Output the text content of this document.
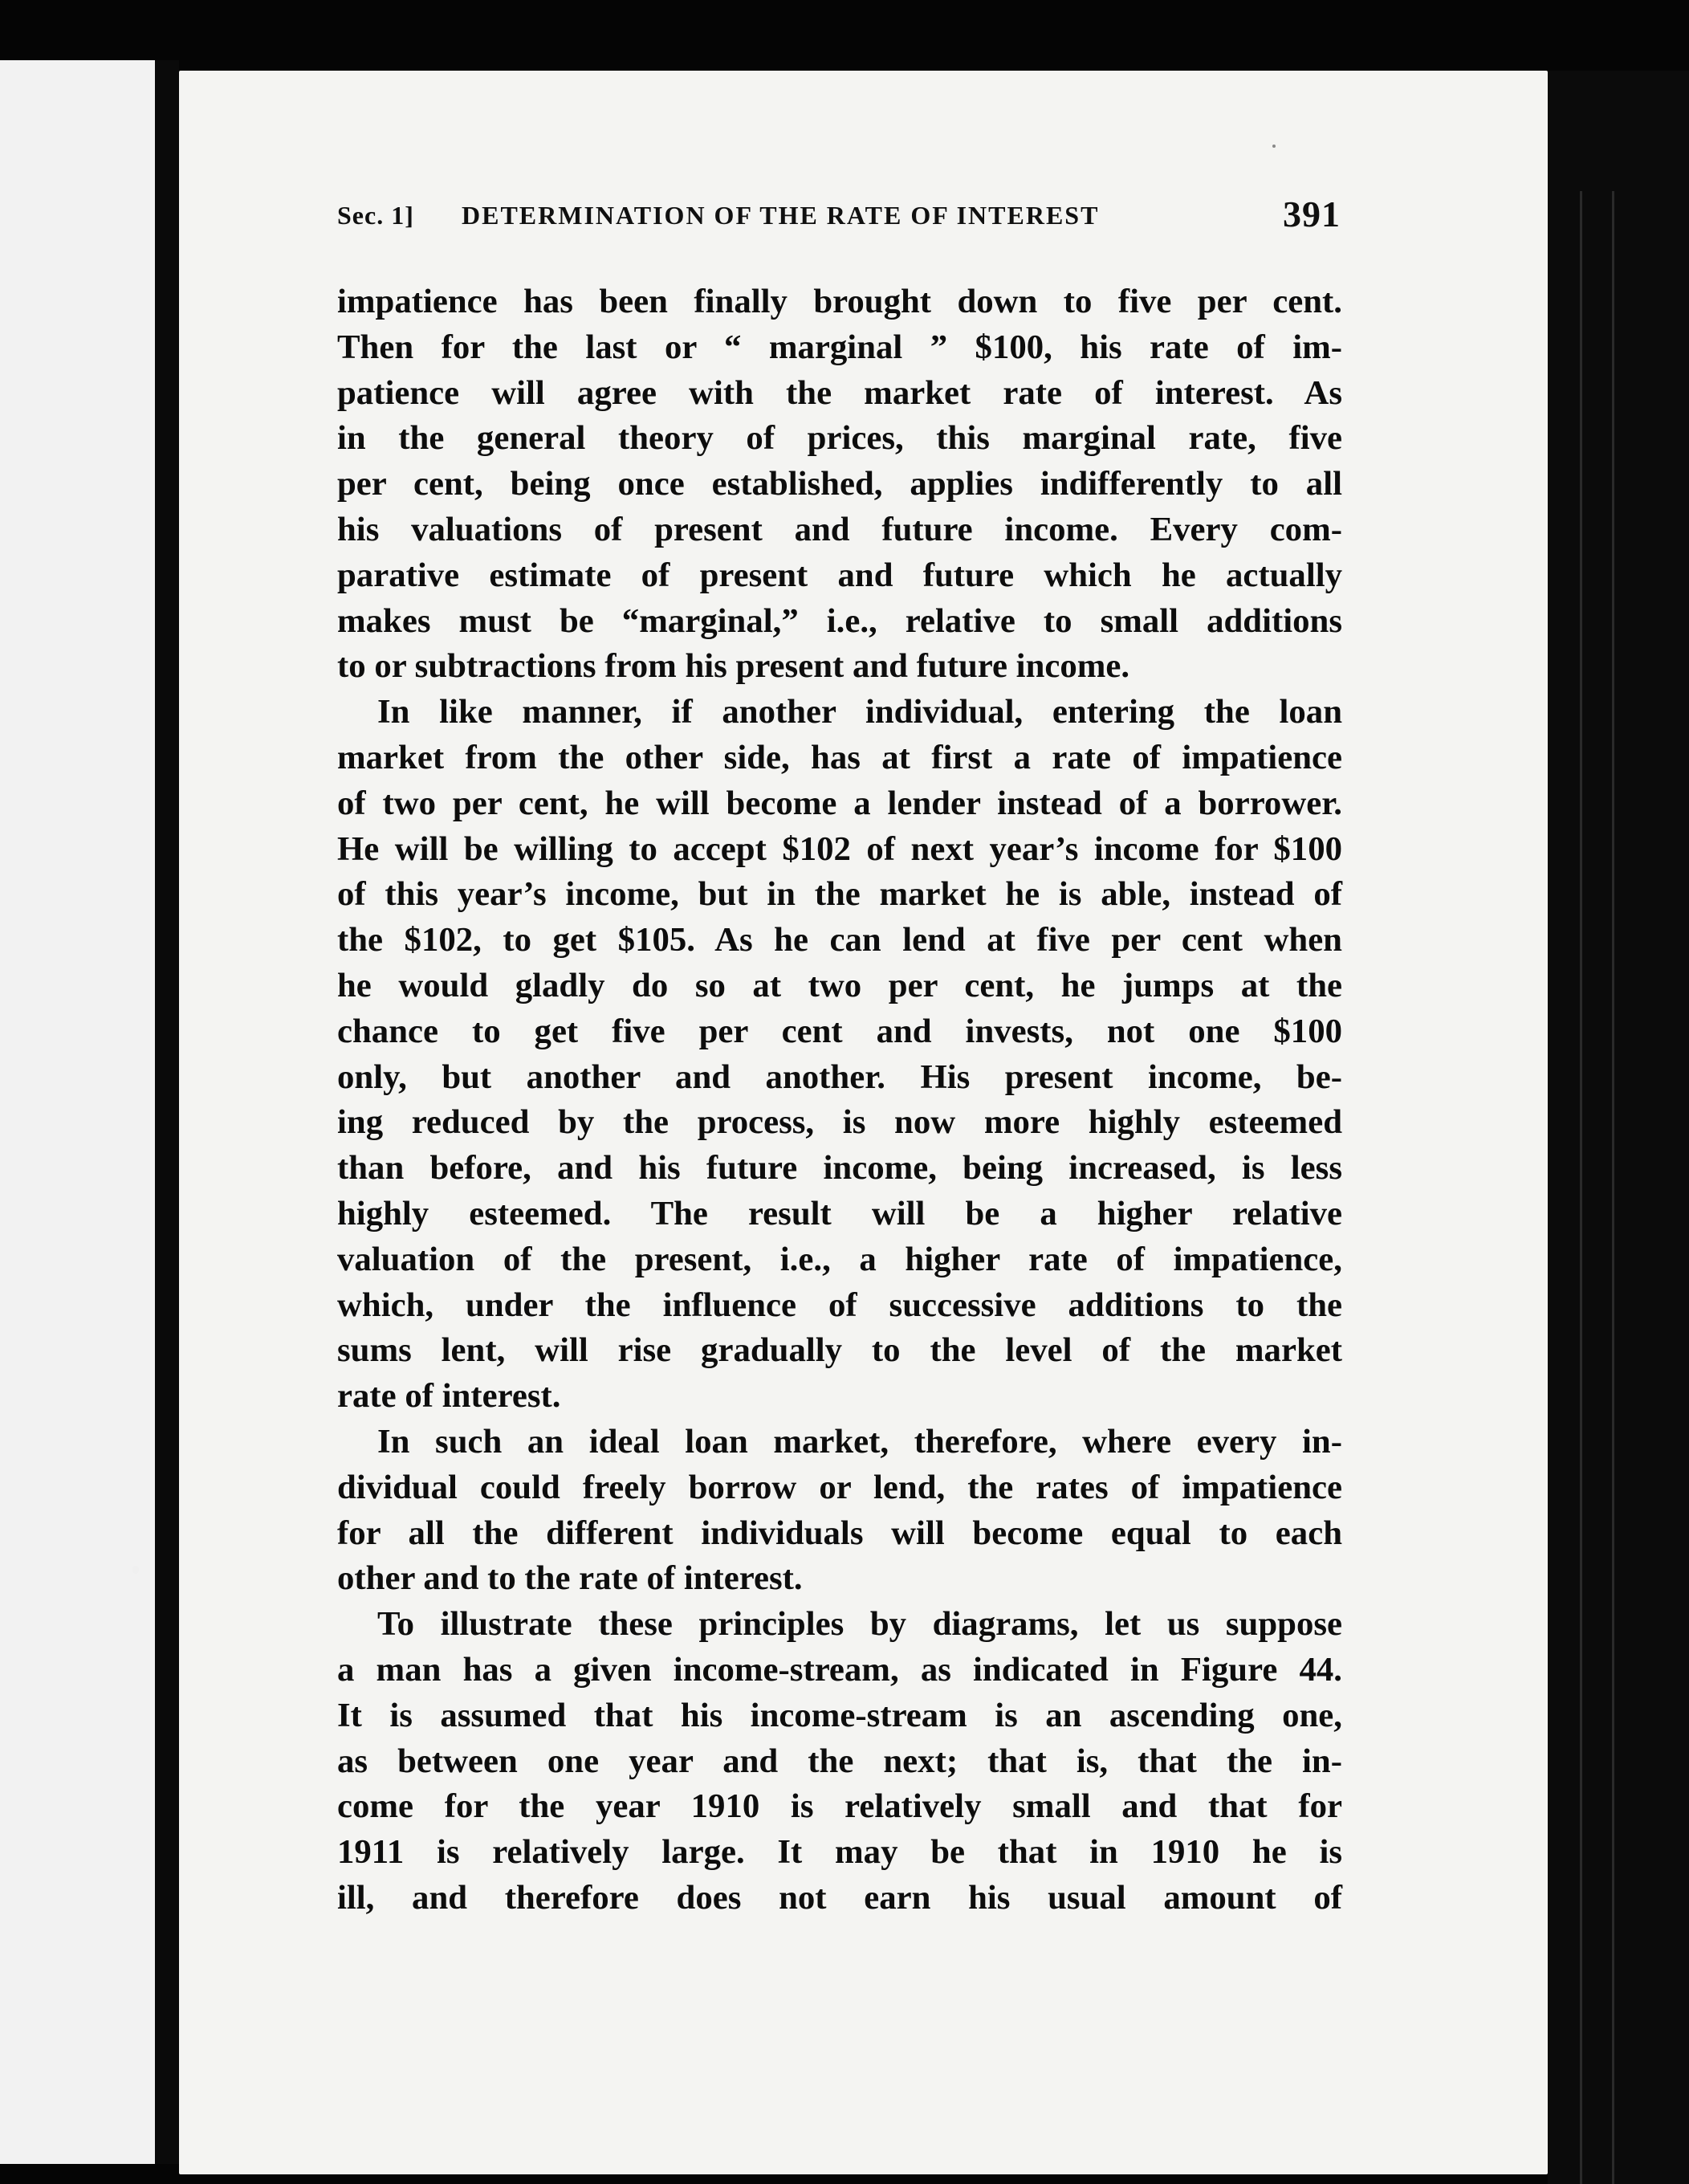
Sec. 1] DETERMINATION OF THE RATE OF INTEREST	391
impatience has been finally brought down to five per cent.
Then for the last or “ marginal ” $100, his rate of im-
patience will agree with the market rate of interest. As
in the general theory of prices, this marginal rate, five
per cent, being once established, applies indifferently to all
his valuations of present and future income. Every com-
parative estimate of present and future which he actually
makes must be “marginal,” i.e., relative to small additions
to or subtractions from his present and future income.
In like manner, if another individual, entering the loan
market from the other side, has at first a rate of impatience
of two per cent, he will become a lender instead of a borrower.
He will be willing to accept $102 of next year’s income for $100
of this year’s income, but in the market he is able, instead of
the $102, to get $105. As he can lend at five per cent when
he would gladly do so at two per cent, he jumps at the
chance to get five per cent and invests, not one $100
only, but another and another. His present income, be-
ing reduced by the process, is now more highly esteemed
than before, and his future income, being increased, is less
highly esteemed. The result will be a higher relative
valuation of the present, i.e., a higher rate of impatience,
which, under the influence of successive additions to the
sums lent, will rise gradually to the level of the market
rate of interest.
In such an ideal loan market, therefore, where every in-
dividual could freely borrow or lend, the rates of impatience
for all the different individuals will become equal to each
other and to the rate of interest.
To illustrate these principles by diagrams, let us suppose
a man has a given income-stream, as indicated in Figure 44.
It is assumed that his income-stream is an ascending one,
as between one year and the next; that is, that the in-
come for the year 1910 is relatively small and that for
1911 is relatively large. It may be that in 1910 he is
ill, and therefore does not earn his usual amount of
